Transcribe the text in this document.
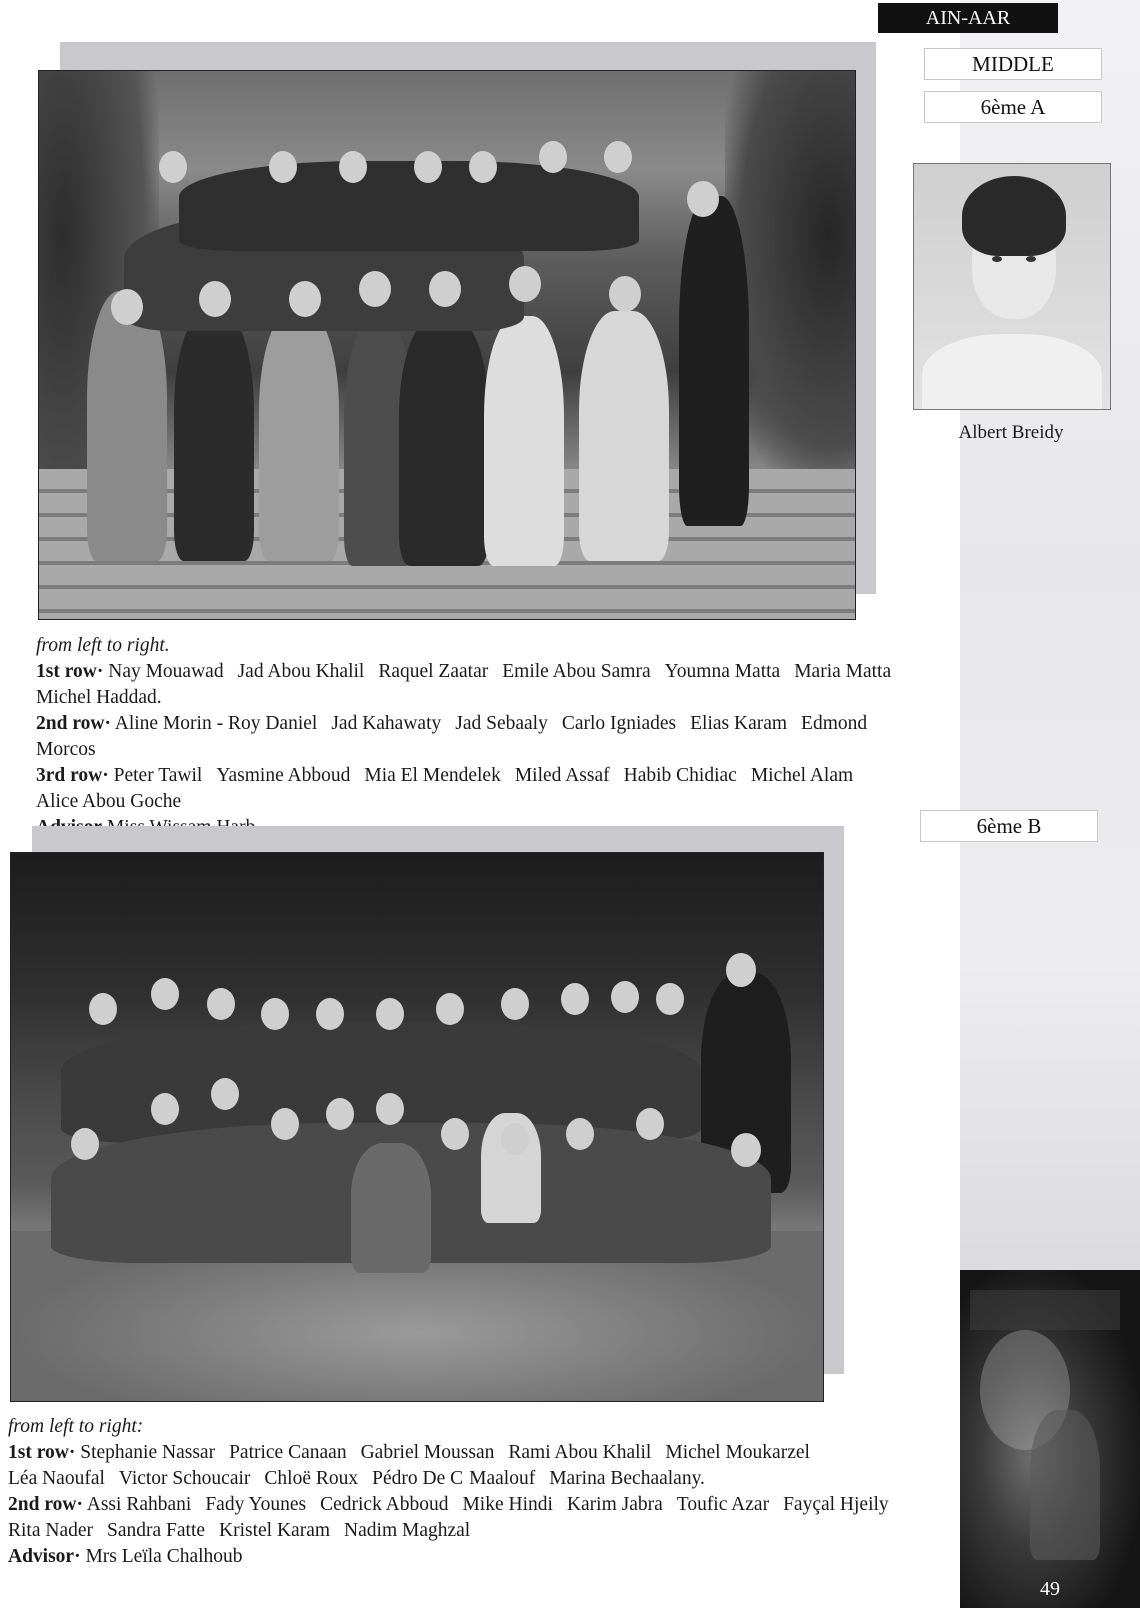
49
AIN-AAR
MIDDLE
6ème A
6ème B
Albert Breidy
from left to right.
1st row· Nay Mouawad Jad Abou Khalil Raquel Zaatar Emile Abou Samra Youmna Matta Maria Matta
Michel Haddad.
2nd row· Aline Morin - Roy Daniel Jad Kahawaty Jad Sebaaly Carlo Igniades Elias Karam Edmond Morcos
3rd row· Peter Tawil Yasmine Abboud Mia El Mendelek Miled Assaf Habib Chidiac Michel Alam
Alice Abou Goche
from left to right:
1st row· Stephanie Nassar Patrice Canaan Gabriel Moussan Rami Abou Khalil Michel Moukarzel
Léa Naoufal Victor Schoucair Chloë Roux Pédro De C Maalouf Marina Bechaalany.
2nd row· Assi Rahbani Fady Younes Cedrick Abboud Mike Hindi Karim Jabra Toufic Azar Fayçal Hjeily
Rita Nader Sandra Fatte Kristel Karam Nadim Maghzal
Advisor· Mrs Leïla Chalhoub
